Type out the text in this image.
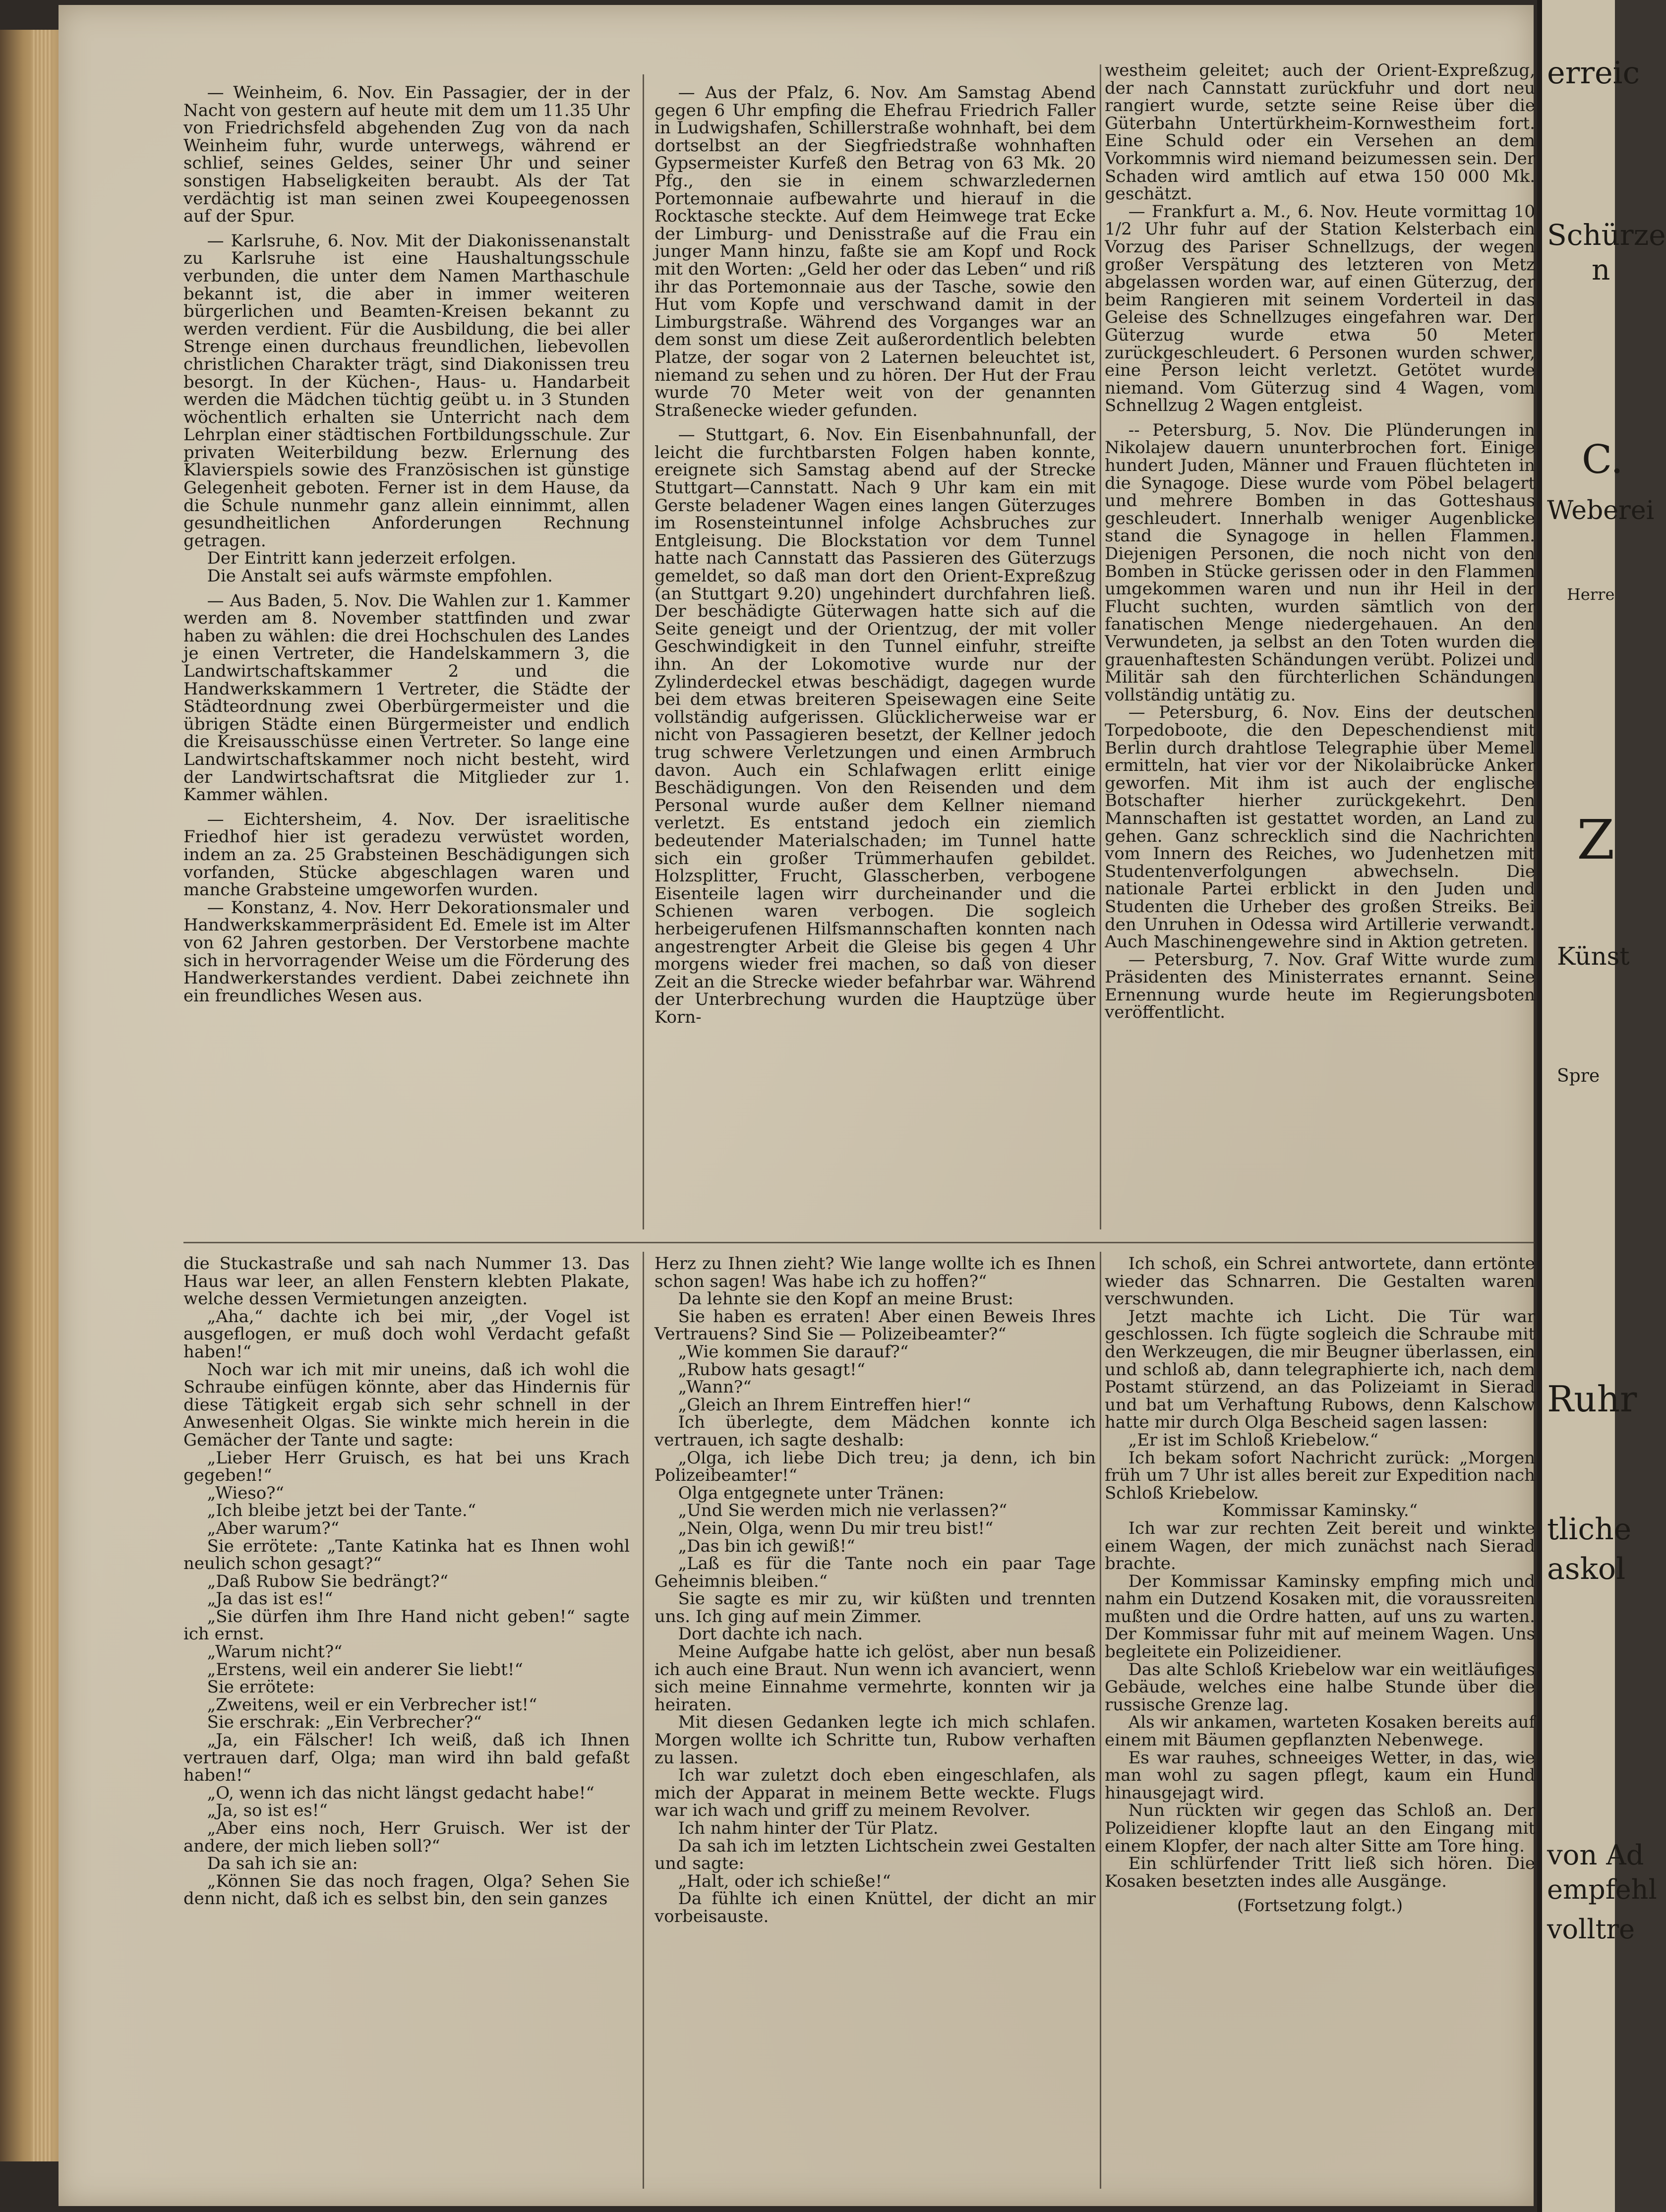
erreic
Schürze
n
C.
Weberei
Herre
Z
Künst
Spre
Ruhr
tliche
askol
von Ad
empfehl
volltre

— Weinheim, 6. Nov. Ein Passagier, der in der Nacht von gestern auf heute mit dem um 11.35 Uhr von Friedrichsfeld abgehenden Zug von da nach Weinheim fuhr, wurde unterwegs, während er schlief, seines Geldes, seiner Uhr und seiner sonstigen Habseligkeiten beraubt. Als der Tat verdächtig ist man seinen zwei Koupeegenossen auf der Spur.

— Karlsruhe, 6. Nov. Mit der Diakonissenanstalt zu Karlsruhe ist eine Haushaltungsschule verbunden, die unter dem Namen Marthaschule bekannt ist, die aber in immer weiteren bürgerlichen und Beamten-Kreisen bekannt zu werden verdient. Für die Ausbildung, die bei aller Strenge einen durchaus freundlichen, liebevollen christlichen Charakter trägt, sind Diakonissen treu besorgt. In der Küchen-, Haus- u. Handarbeit werden die Mädchen tüchtig geübt u. in 3 Stunden wöchentlich erhalten sie Unterricht nach dem Lehrplan einer städtischen Fortbildungsschule. Zur privaten Weiterbildung bezw. Erlernung des Klavierspiels sowie des Französischen ist günstige Gelegenheit geboten. Ferner ist in dem Hause, da die Schule nunmehr ganz allein einnimmt, allen gesundheitlichen Anforderungen Rechnung getragen.

Der Eintritt kann jederzeit erfolgen.

Die Anstalt sei aufs wärmste empfohlen.

— Aus Baden, 5. Nov. Die Wahlen zur 1. Kammer werden am 8. November stattfinden und zwar haben zu wählen: die drei Hochschulen des Landes je einen Vertreter, die Handelskammern 3, die Landwirtschaftskammer 2 und die Handwerkskammern 1 Vertreter, die Städte der Städteordnung zwei Oberbürgermeister und die übrigen Städte einen Bürgermeister und endlich die Kreisausschüsse einen Vertreter. So lange eine Landwirtschaftskammer noch nicht besteht, wird der Landwirtschaftsrat die Mitglieder zur 1. Kammer wählen.

— Eichtersheim, 4. Nov. Der israelitische Friedhof hier ist geradezu verwüstet worden, indem an za. 25 Grabsteinen Beschädigungen sich vorfanden, Stücke abgeschlagen waren und manche Grabsteine umgeworfen wurden.

— Konstanz, 4. Nov. Herr Dekorationsmaler und Handwerkskammerpräsident Ed. Emele ist im Alter von 62 Jahren gestorben. Der Verstorbene machte sich in hervorragender Weise um die Förderung des Handwerkerstandes verdient. Dabei zeichnete ihn ein freundliches Wesen aus.

— Aus der Pfalz, 6. Nov. Am Samstag Abend gegen 6 Uhr empfing die Ehefrau Friedrich Faller in Ludwigshafen, Schillerstraße wohnhaft, bei dem dortselbst an der Siegfriedstraße wohnhaften Gypsermeister Kurfeß den Betrag von 63 Mk. 20 Pfg., den sie in einem schwarzledernen Portemonnaie aufbewahrte und hierauf in die Rocktasche steckte. Auf dem Heimwege trat Ecke der Limburg- und Denisstraße auf die Frau ein junger Mann hinzu, faßte sie am Kopf und Rock mit den Worten: „Geld her oder das Leben“ und riß ihr das Portemonnaie aus der Tasche, sowie den Hut vom Kopfe und verschwand damit in der Limburgstraße. Während des Vorganges war an dem sonst um diese Zeit außerordentlich belebten Platze, der sogar von 2 Laternen beleuchtet ist, niemand zu sehen und zu hören. Der Hut der Frau wurde 70 Meter weit von der genannten Straßenecke wieder gefunden.

— Stuttgart, 6. Nov. Ein Eisenbahnunfall, der leicht die furchtbarsten Folgen haben konnte, ereignete sich Samstag abend auf der Strecke Stuttgart—Cannstatt. Nach 9 Uhr kam ein mit Gerste beladener Wagen eines langen Güterzuges im Rosensteintunnel infolge Achsbruches zur Entgleisung. Die Blockstation vor dem Tunnel hatte nach Cannstatt das Passieren des Güterzugs gemeldet, so daß man dort den Orient-Expreßzug (an Stuttgart 9.20) ungehindert durchfahren ließ. Der beschädigte Güterwagen hatte sich auf die Seite geneigt und der Orientzug, der mit voller Geschwindigkeit in den Tunnel einfuhr, streifte ihn. An der Lokomotive wurde nur der Zylinderdeckel etwas beschädigt, dagegen wurde bei dem etwas breiteren Speisewagen eine Seite vollständig aufgerissen. Glücklicherweise war er nicht von Passagieren besetzt, der Kellner jedoch trug schwere Verletzungen und einen Armbruch davon. Auch ein Schlafwagen erlitt einige Beschädigungen. Von den Reisenden und dem Personal wurde außer dem Kellner niemand verletzt. Es entstand jedoch ein ziemlich bedeutender Materialschaden; im Tunnel hatte sich ein großer Trümmerhaufen gebildet. Holzsplitter, Frucht, Glasscherben, verbogene Eisenteile lagen wirr durcheinander und die Schienen waren verbogen. Die sogleich herbeigerufenen Hilfsmannschaften konnten nach angestrengter Arbeit die Gleise bis gegen 4 Uhr morgens wieder frei machen, so daß von dieser Zeit an die Strecke wieder befahrbar war. Während der Unterbrechung wurden die Hauptzüge über Korn-

westheim geleitet; auch der Orient-Expreßzug, der nach Cannstatt zurückfuhr und dort neu rangiert wurde, setzte seine Reise über die Güterbahn Untertürkheim-Kornwestheim fort. Eine Schuld oder ein Versehen an dem Vorkommnis wird niemand beizumessen sein. Der Schaden wird amtlich auf etwa 150 000 Mk. geschätzt.

— Frankfurt a. M., 6. Nov. Heute vormittag 10 1/2 Uhr fuhr auf der Station Kelsterbach ein Vorzug des Pariser Schnellzugs, der wegen großer Verspätung des letzteren von Metz abgelassen worden war, auf einen Güterzug, der beim Rangieren mit seinem Vorderteil in das Geleise des Schnellzuges eingefahren war. Der Güterzug wurde etwa 50 Meter zurückgeschleudert. 6 Personen wurden schwer, eine Person leicht verletzt. Getötet wurde niemand. Vom Güterzug sind 4 Wagen, vom Schnellzug 2 Wagen entgleist.

-- Petersburg, 5. Nov. Die Plünderungen in Nikolajew dauern ununterbrochen fort. Einige hundert Juden, Männer und Frauen flüchteten in die Synagoge. Diese wurde vom Pöbel belagert und mehrere Bomben in das Gotteshaus geschleudert. Innerhalb weniger Augenblicke stand die Synagoge in hellen Flammen. Diejenigen Personen, die noch nicht von den Bomben in Stücke gerissen oder in den Flammen umgekommen waren und nun ihr Heil in der Flucht suchten, wurden sämtlich von der fanatischen Menge niedergehauen. An den Verwundeten, ja selbst an den Toten wurden die grauenhaftesten Schändungen verübt. Polizei und Militär sah den fürchterlichen Schändungen vollständig untätig zu.

— Petersburg, 6. Nov. Eins der deutschen Torpedoboote, die den Depeschendienst mit Berlin durch drahtlose Telegraphie über Memel ermitteln, hat vier vor der Nikolaibrücke Anker geworfen. Mit ihm ist auch der englische Botschafter hierher zurückgekehrt. Den Mannschaften ist gestattet worden, an Land zu gehen. Ganz schrecklich sind die Nachrichten vom Innern des Reiches, wo Judenhetzen mit Studentenverfolgungen abwechseln. Die nationale Partei erblickt in den Juden und Studenten die Urheber des großen Streiks. Bei den Unruhen in Odessa wird Artillerie verwandt. Auch Maschinengewehre sind in Aktion getreten.

— Petersburg, 7. Nov. Graf Witte wurde zum Präsidenten des Ministerrates ernannt. Seine Ernennung wurde heute im Regierungsboten veröffentlicht.

die Stuckastraße und sah nach Nummer 13. Das Haus war leer, an allen Fenstern klebten Plakate, welche dessen Vermietungen anzeigten.

„Aha,“ dachte ich bei mir, „der Vogel ist ausgeflogen, er muß doch wohl Verdacht gefaßt haben!“

Noch war ich mit mir uneins, daß ich wohl die Schraube einfügen könnte, aber das Hindernis für diese Tätigkeit ergab sich sehr schnell in der Anwesenheit Olgas. Sie winkte mich herein in die Gemächer der Tante und sagte:

„Lieber Herr Gruisch, es hat bei uns Krach gegeben!“

„Wieso?“

„Ich bleibe jetzt bei der Tante.“

„Aber warum?“

Sie errötete: „Tante Katinka hat es Ihnen wohl neulich schon gesagt?“

„Daß Rubow Sie bedrängt?“

„Ja das ist es!“

„Sie dürfen ihm Ihre Hand nicht geben!“ sagte ich ernst.

„Warum nicht?“

„Erstens, weil ein anderer Sie liebt!“

Sie errötete:

„Zweitens, weil er ein Verbrecher ist!“

Sie erschrak: „Ein Verbrecher?“

„Ja, ein Fälscher! Ich weiß, daß ich Ihnen vertrauen darf, Olga; man wird ihn bald gefaßt haben!“

„O, wenn ich das nicht längst gedacht habe!“

„Ja, so ist es!“

„Aber eins noch, Herr Gruisch. Wer ist der andere, der mich lieben soll?“

Da sah ich sie an:

„Können Sie das noch fragen, Olga? Sehen Sie denn nicht, daß ich es selbst bin, den sein ganzes

Herz zu Ihnen zieht? Wie lange wollte ich es Ihnen schon sagen! Was habe ich zu hoffen?“

Da lehnte sie den Kopf an meine Brust:

Sie haben es erraten! Aber einen Beweis Ihres Vertrauens? Sind Sie — Polizeibeamter?“

„Wie kommen Sie darauf?“

„Rubow hats gesagt!“

„Wann?“

„Gleich an Ihrem Eintreffen hier!“

Ich überlegte, dem Mädchen konnte ich vertrauen, ich sagte deshalb:

„Olga, ich liebe Dich treu; ja denn, ich bin Polizeibeamter!“

Olga entgegnete unter Tränen:

„Und Sie werden mich nie verlassen?“

„Nein, Olga, wenn Du mir treu bist!“

„Das bin ich gewiß!“

„Laß es für die Tante noch ein paar Tage Geheimnis bleiben.“

Sie sagte es mir zu, wir küßten und trennten uns. Ich ging auf mein Zimmer.

Dort dachte ich nach.

Meine Aufgabe hatte ich gelöst, aber nun besaß ich auch eine Braut. Nun wenn ich avanciert, wenn sich meine Einnahme vermehrte, konnten wir ja heiraten.

Mit diesen Gedanken legte ich mich schlafen. Morgen wollte ich Schritte tun, Rubow verhaften zu lassen.

Ich war zuletzt doch eben eingeschlafen, als mich der Apparat in meinem Bette weckte. Flugs war ich wach und griff zu meinem Revolver.

Ich nahm hinter der Tür Platz.

Da sah ich im letzten Lichtschein zwei Gestalten und sagte:

„Halt, oder ich schieße!“

Da fühlte ich einen Knüttel, der dicht an mir vorbeisauste.

Ich schoß, ein Schrei antwortete, dann ertönte wieder das Schnarren. Die Gestalten waren verschwunden.

Jetzt machte ich Licht. Die Tür war geschlossen. Ich fügte sogleich die Schraube mit den Werkzeugen, die mir Beugner überlassen, ein und schloß ab, dann telegraphierte ich, nach dem Postamt stürzend, an das Polizeiamt in Sierad und bat um Verhaftung Rubows, denn Kalschow hatte mir durch Olga Bescheid sagen lassen:

„Er ist im Schloß Kriebelow.“

Ich bekam sofort Nachricht zurück: „Morgen früh um 7 Uhr ist alles bereit zur Expedition nach Schloß Kriebelow.

Kommissar Kaminsky.“

Ich war zur rechten Zeit bereit und winkte einem Wagen, der mich zunächst nach Sierad brachte.

Der Kommissar Kaminsky empfing mich und nahm ein Dutzend Kosaken mit, die voraussreiten mußten und die Ordre hatten, auf uns zu warten. Der Kommissar fuhr mit auf meinem Wagen. Uns begleitete ein Polizeidiener.

Das alte Schloß Kriebelow war ein weitläufiges Gebäude, welches eine halbe Stunde über die russische Grenze lag.

Als wir ankamen, warteten Kosaken bereits auf einem mit Bäumen gepflanzten Nebenwege.

Es war rauhes, schneeiges Wetter, in das, wie man wohl zu sagen pflegt, kaum ein Hund hinausgejagt wird.

Nun rückten wir gegen das Schloß an. Der Polizeidiener klopfte laut an den Eingang mit einem Klopfer, der nach alter Sitte am Tore hing.

Ein schlürfender Tritt ließ sich hören. Die Kosaken besetzten indes alle Ausgänge.

(Fortsetzung folgt.)
